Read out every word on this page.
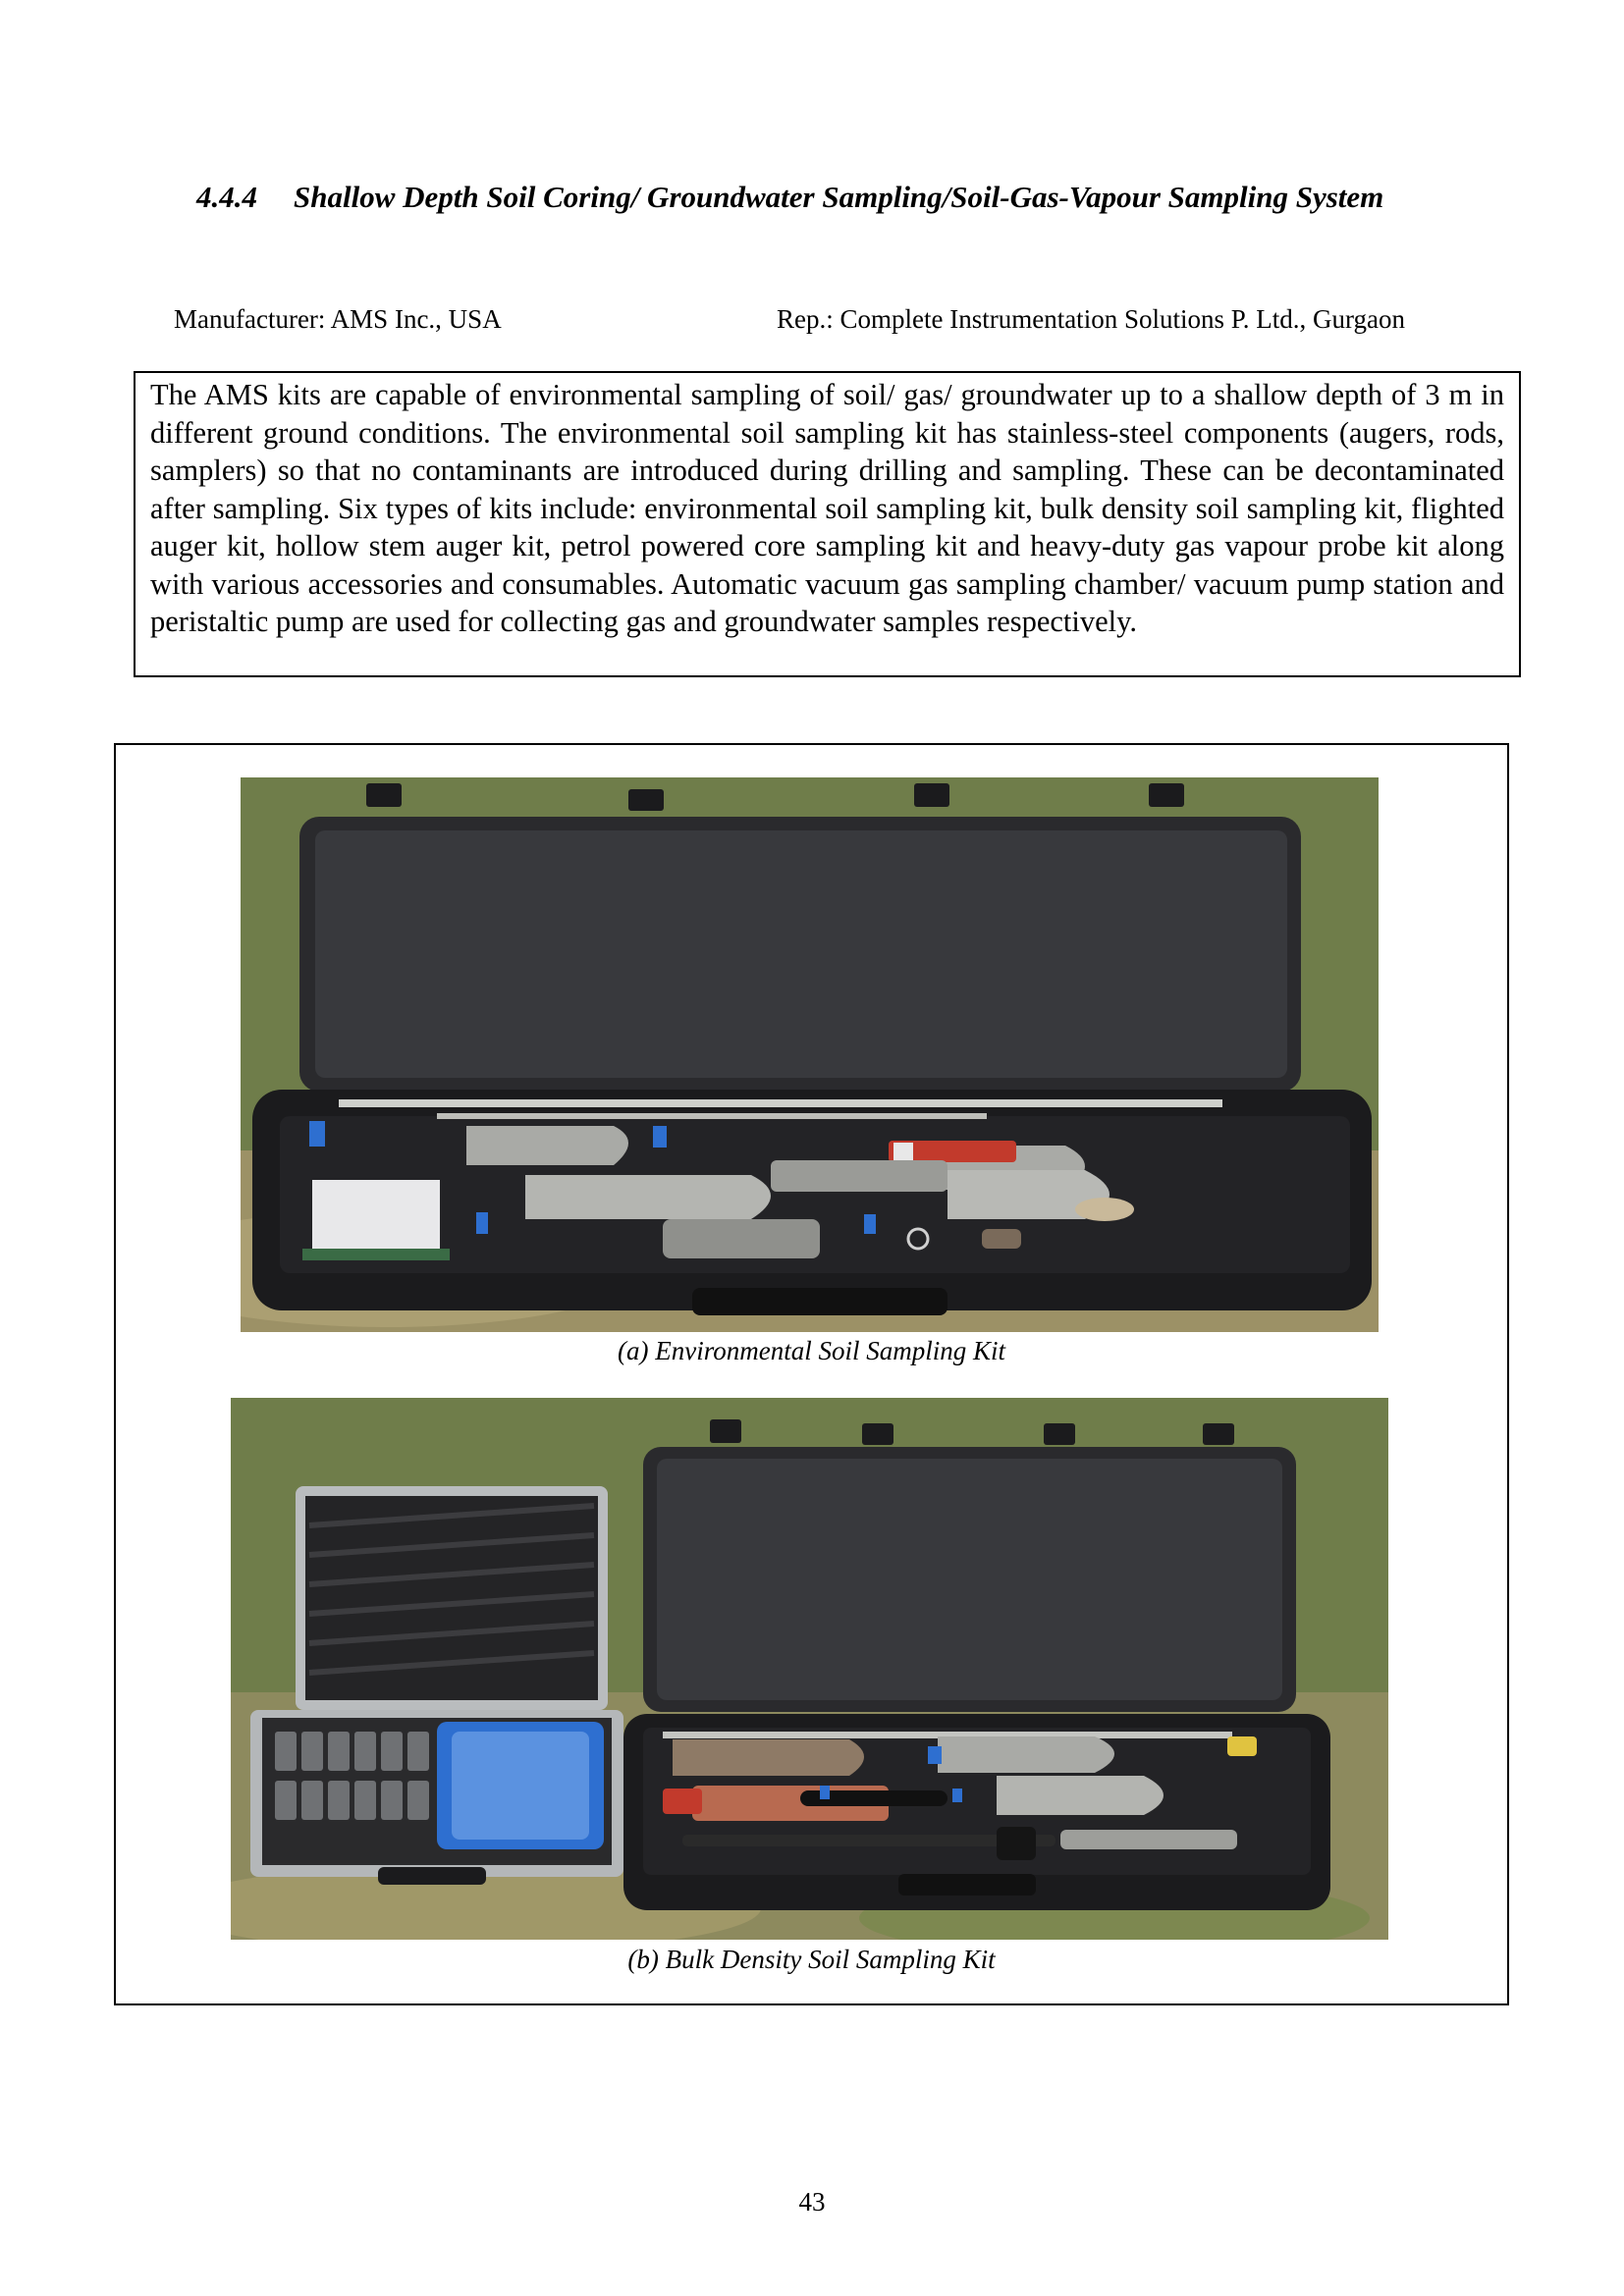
4.4.4 Shallow Depth Soil Coring/ Groundwater Sampling/Soil-Gas-Vapour Sampling System
Manufacturer: AMS Inc., USA	Rep.: Complete Instrumentation Solutions P. Ltd., Gurgaon
The AMS kits are capable of environmental sampling of soil/ gas/ groundwater up to a shallow depth of 3 m in different ground conditions. The environmental soil sampling kit has stainless-steel components (augers, rods, samplers) so that no contaminants are introduced during drilling and sampling. These can be decontaminated after sampling. Six types of kits include: environmental soil sampling kit, bulk density soil sampling kit, flighted auger kit, hollow stem auger kit, petrol powered core sampling kit and heavy-duty gas vapour probe kit along with various accessories and consumables. Automatic vacuum gas sampling chamber/ vacuum pump station and peristaltic pump are used for collecting gas and groundwater samples respectively.
(a) Environmental Soil Sampling Kit
(b) Bulk Density Soil Sampling Kit
43
